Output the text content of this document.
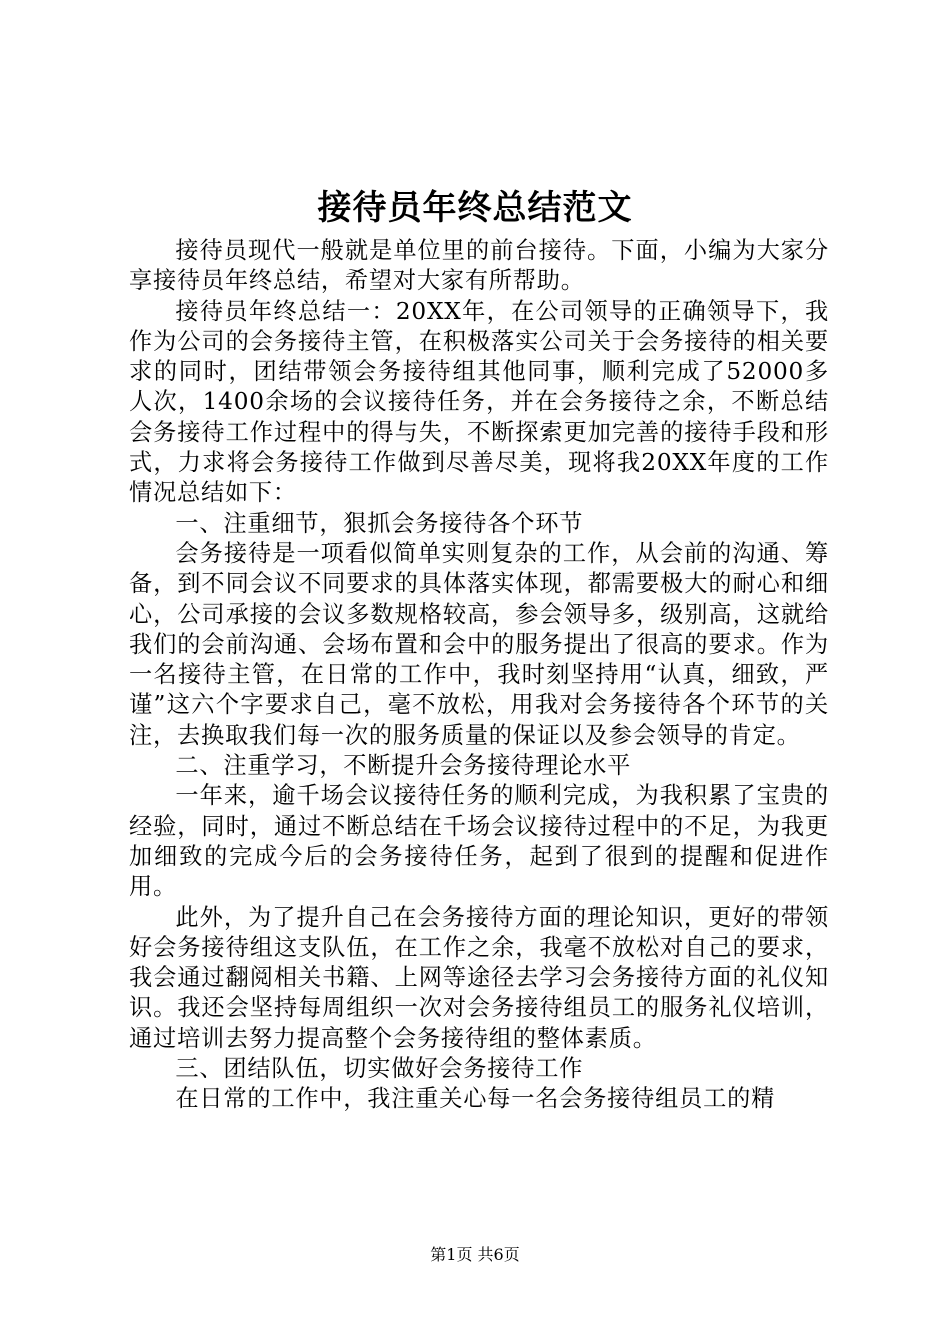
接待员年终总结范文

接待员现代一般就是单位里的前台接待。下面，小编为大家分享接待员年终总结，希望对大家有所帮助。

接待员年终总结一：20XX年，在公司领导的正确领导下，我作为公司的会务接待主管，在积极落实公司关于会务接待的相关要求的同时，团结带领会务接待组其他同事，顺利完成了52000多人次，1400余场的会议接待任务，并在会务接待之余，不断总结会务接待工作过程中的得与失，不断探索更加完善的接待手段和形式，力求将会务接待工作做到尽善尽美，现将我20XX年度的工作情况总结如下：

一、注重细节，狠抓会务接待各个环节

会务接待是一项看似简单实则复杂的工作，从会前的沟通、筹备，到不同会议不同要求的具体落实体现，都需要极大的耐心和细心，公司承接的会议多数规格较高，参会领导多，级别高，这就给我们的会前沟通、会场布置和会中的服务提出了很高的要求。作为一名接待主管，在日常的工作中，我时刻坚持用“认真，细致，严谨”这六个字要求自己，毫不放松，用我对会务接待各个环节的关注，去换取我们每一次的服务质量的保证以及参会领导的肯定。

二、注重学习，不断提升会务接待理论水平

一年来，逾千场会议接待任务的顺利完成，为我积累了宝贵的经验，同时，通过不断总结在千场会议接待过程中的不足，为我更加细致的完成今后的会务接待任务，起到了很到的提醒和促进作用。

此外，为了提升自己在会务接待方面的理论知识，更好的带领好会务接待组这支队伍，在工作之余，我毫不放松对自己的要求，我会通过翻阅相关书籍、上网等途径去学习会务接待方面的礼仪知识。我还会坚持每周组织一次对会务接待组员工的服务礼仪培训，通过培训去努力提高整个会务接待组的整体素质。

三、团结队伍，切实做好会务接待工作

在日常的工作中，我注重关心每一名会务接待组员工的精

第1页 共6页
